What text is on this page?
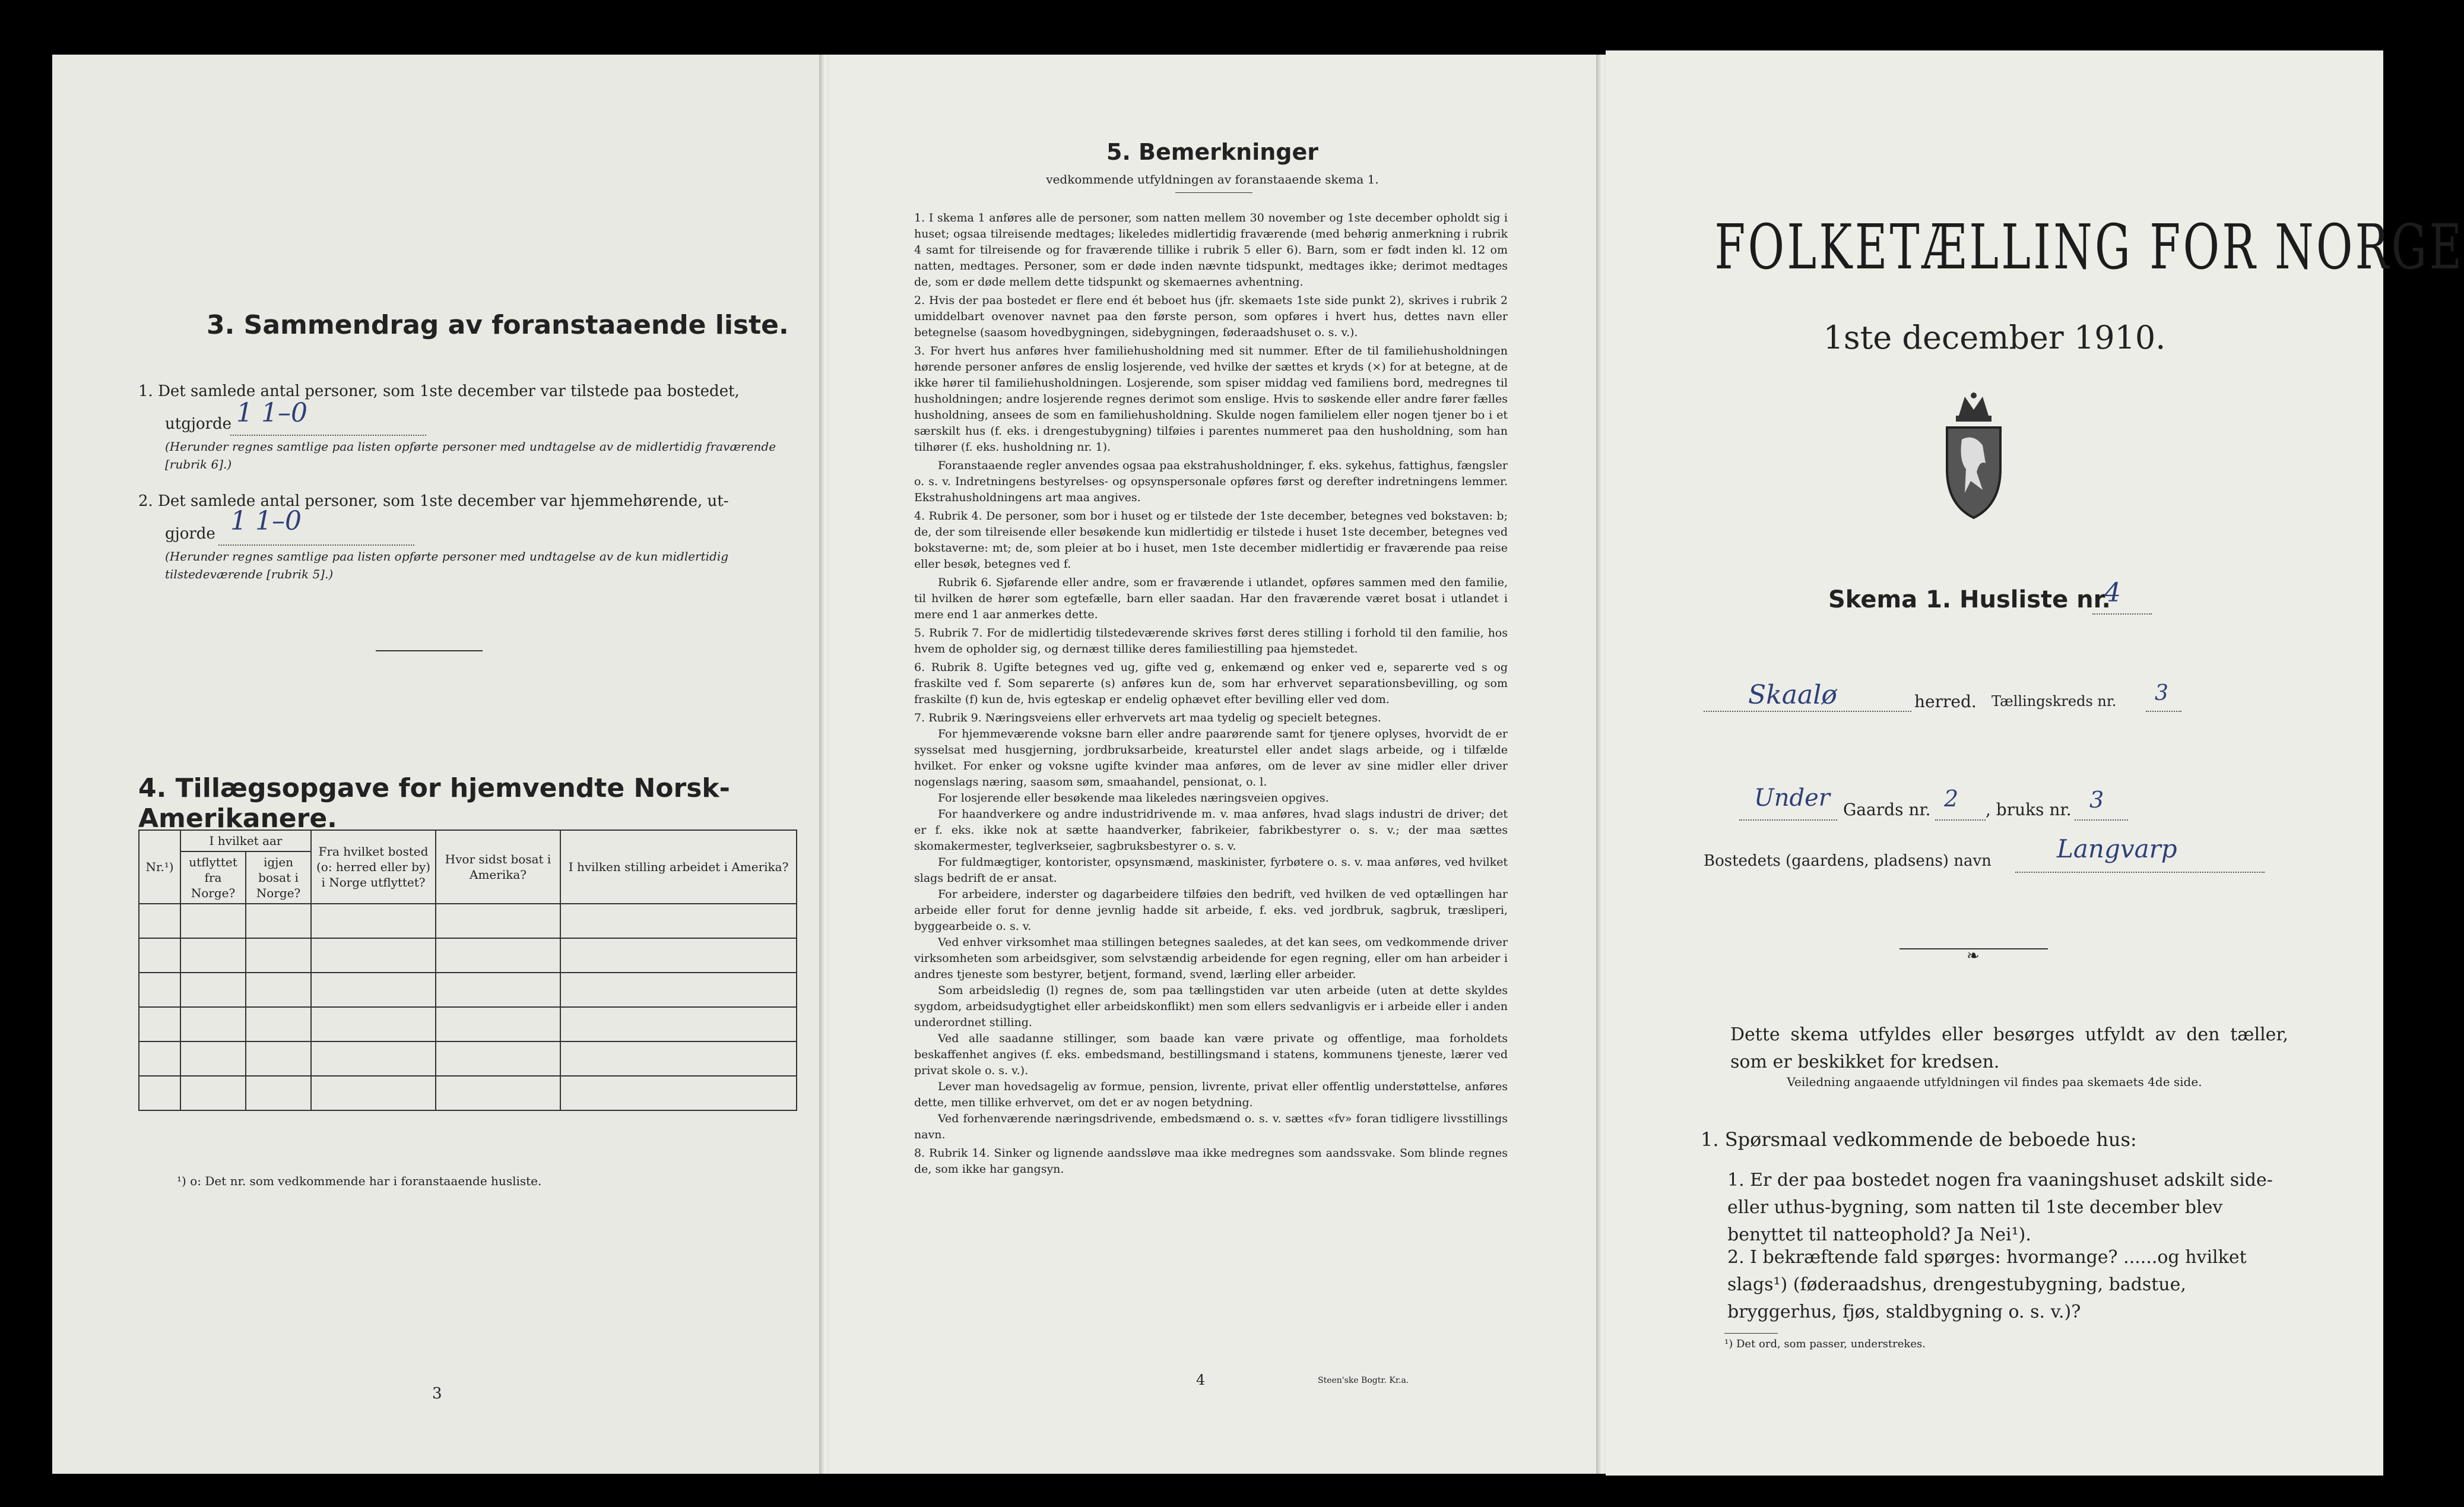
3. Sammendrag av foranstaaende liste.
1. Det samlede antal personer, som 1ste december var tilstede paa bostedet,
utgjorde 1 1–0
(Herunder regnes samtlige paa listen opførte personer med undtagelse av de midlertidig fraværende [rubrik 6].)
2. Det samlede antal personer, som 1ste december var hjemmehørende, ut-
gjorde 1 1–0
(Herunder regnes samtlige paa listen opførte personer med undtagelse av de kun midlertidig tilstedeværende [rubrik 5].)
4. Tillægsopgave for hjemvendte Norsk-Amerikanere.
Nr.¹)	I hvilket aar		Fra hvilket bosted (o: herred eller by) i Norge utflyttet?	Hvor sidst bosat i Amerika?	I hvilken stilling arbeidet i Amerika?
	utflyttet fra Norge?	igjen bosat i Norge?			

¹) o: Det nr. som vedkommende har i foranstaaende husliste.
3
5. Bemerkninger
vedkommende utfyldningen av foranstaaende skema 1.
1. I skema 1 anføres alle de personer, som natten mellem 30 november og 1ste december opholdt sig i huset; ogsaa tilreisende medtages; likeledes midlertidig fraværende (med behørig anmerkning i rubrik 4 samt for tilreisende og for fraværende tillike i rubrik 5 eller 6). Barn, som er født inden kl. 12 om natten, medtages. Personer, som er døde inden nævnte tidspunkt, medtages ikke; derimot medtages de, som er døde mellem dette tidspunkt og skemaernes avhentning.
2. Hvis der paa bostedet er flere end ét beboet hus (jfr. skemaets 1ste side punkt 2), skrives i rubrik 2 umiddelbart ovenover navnet paa den første person, som opføres i hvert hus, dettes navn eller betegnelse (saasom hovedbygningen, sidebygningen, føderaadshuset o. s. v.).
3. For hvert hus anføres hver familiehusholdning med sit nummer. Efter de til familiehusholdningen hørende personer anføres de enslig losjerende, ved hvilke der sættes et kryds (×) for at betegne, at de ikke hører til familiehusholdningen. Losjerende, som spiser middag ved familiens bord, medregnes til husholdningen; andre losjerende regnes derimot som enslige. Hvis to søskende eller andre fører fælles husholdning, ansees de som en familiehusholdning. Skulde nogen familielem eller nogen tjener bo i et særskilt hus (f. eks. i drengestubygning) tilføies i parentes nummeret paa den husholdning, som han tilhører (f. eks. husholdning nr. 1).
Foranstaaende regler anvendes ogsaa paa ekstrahusholdninger, f. eks. sykehus, fattighus, fængsler o. s. v. Indretningens bestyrelses- og opsynspersonale opføres først og derefter indretningens lemmer. Ekstrahusholdningens art maa angives.
4. Rubrik 4. De personer, som bor i huset og er tilstede der 1ste december, betegnes ved bokstaven: b; de, der som tilreisende eller besøkende kun midlertidig er tilstede i huset 1ste december, betegnes ved bokstaverne: mt; de, som pleier at bo i huset, men 1ste december midlertidig er fraværende paa reise eller besøk, betegnes ved f.
Rubrik 6. Sjøfarende eller andre, som er fraværende i utlandet, opføres sammen med den familie, til hvilken de hører som egtefælle, barn eller saadan. Har den fraværende været bosat i utlandet i mere end 1 aar anmerkes dette.
5. Rubrik 7. For de midlertidig tilstedeværende skrives først deres stilling i forhold til den familie, hos hvem de opholder sig, og dernæst tillike deres familiestilling paa hjemstedet.
6. Rubrik 8. Ugifte betegnes ved ug, gifte ved g, enkemænd og enker ved e, separerte ved s og fraskilte ved f. Som separerte (s) anføres kun de, som har erhvervet separationsbevilling, og som fraskilte (f) kun de, hvis egteskap er endelig ophævet efter bevilling eller ved dom.
7. Rubrik 9. Næringsveiens eller erhvervets art maa tydelig og specielt betegnes.
For hjemmeværende voksne barn eller andre paarørende samt for tjenere oplyses, hvorvidt de er sysselsat med husgjerning, jordbruksarbeide, kreaturstel eller andet slags arbeide, og i tilfælde hvilket. For enker og voksne ugifte kvinder maa anføres, om de lever av sine midler eller driver nogenslags næring, saasom søm, smaahandel, pensionat, o. l.
For losjerende eller besøkende maa likeledes næringsveien opgives.
For haandverkere og andre industridrivende m. v. maa anføres, hvad slags industri de driver; det er f. eks. ikke nok at sætte haandverker, fabrikeier, fabrikbestyrer o. s. v.; der maa sættes skomakermester, teglverkseier, sagbruksbestyrer o. s. v.
For fuldmægtiger, kontorister, opsynsmænd, maskinister, fyrbøtere o. s. v. maa anføres, ved hvilket slags bedrift de er ansat.
For arbeidere, inderster og dagarbeidere tilføies den bedrift, ved hvilken de ved optællingen har arbeide eller forut for denne jevnlig hadde sit arbeide, f. eks. ved jordbruk, sagbruk, træsliperi, byggearbeide o. s. v.
Ved enhver virksomhet maa stillingen betegnes saaledes, at det kan sees, om vedkommende driver virksomheten som arbeidsgiver, som selvstændig arbeidende for egen regning, eller om han arbeider i andres tjeneste som bestyrer, betjent, formand, svend, lærling eller arbeider.
Som arbeidsledig (l) regnes de, som paa tællingstiden var uten arbeide (uten at dette skyldes sygdom, arbeidsudygtighet eller arbeidskonflikt) men som ellers sedvanligvis er i arbeide eller i anden underordnet stilling.
Ved alle saadanne stillinger, som baade kan være private og offentlige, maa forholdets beskaffenhet angives (f. eks. embedsmand, bestillingsmand i statens, kommunens tjeneste, lærer ved privat skole o. s. v.).
Lever man hovedsagelig av formue, pension, livrente, privat eller offentlig understøttelse, anføres dette, men tillike erhvervet, om det er av nogen betydning.
Ved forhenværende næringsdrivende, embedsmænd o. s. v. sættes «fv» foran tidligere livsstillings navn.
8. Rubrik 14. Sinker og lignende aandssløve maa ikke medregnes som aandssvake. Som blinde regnes de, som ikke har gangsyn.
4	Steen'ske Bogtr. Kr.a.
FOLKETÆLLING FOR NORGE
1ste december 1910.
Skema 1. Husliste nr.
4
Skaalø	herred. Tællingskreds nr. 3
Under Gaards nr. 2 , bruks nr. 3
Bostedets (gaardens, pladsens) navn	Langvarp
❧
Dette skema utfyldes eller besørges utfyldt av den tæller, som er beskikket for kredsen.
Veiledning angaaende utfyldningen vil findes paa skemaets 4de side.
1. Spørsmaal vedkommende de beboede hus:
1. Er der paa bostedet nogen fra vaaningshuset adskilt side- eller uthus-bygning, som natten til 1ste december blev benyttet til natteophold? Ja Nei¹).
2. I bekræftende fald spørges: hvormange? ......og hvilket slags¹) (føderaadshus, drengestubygning, badstue, bryggerhus, fjøs, staldbygning o. s. v.)?
¹) Det ord, som passer, understrekes.
